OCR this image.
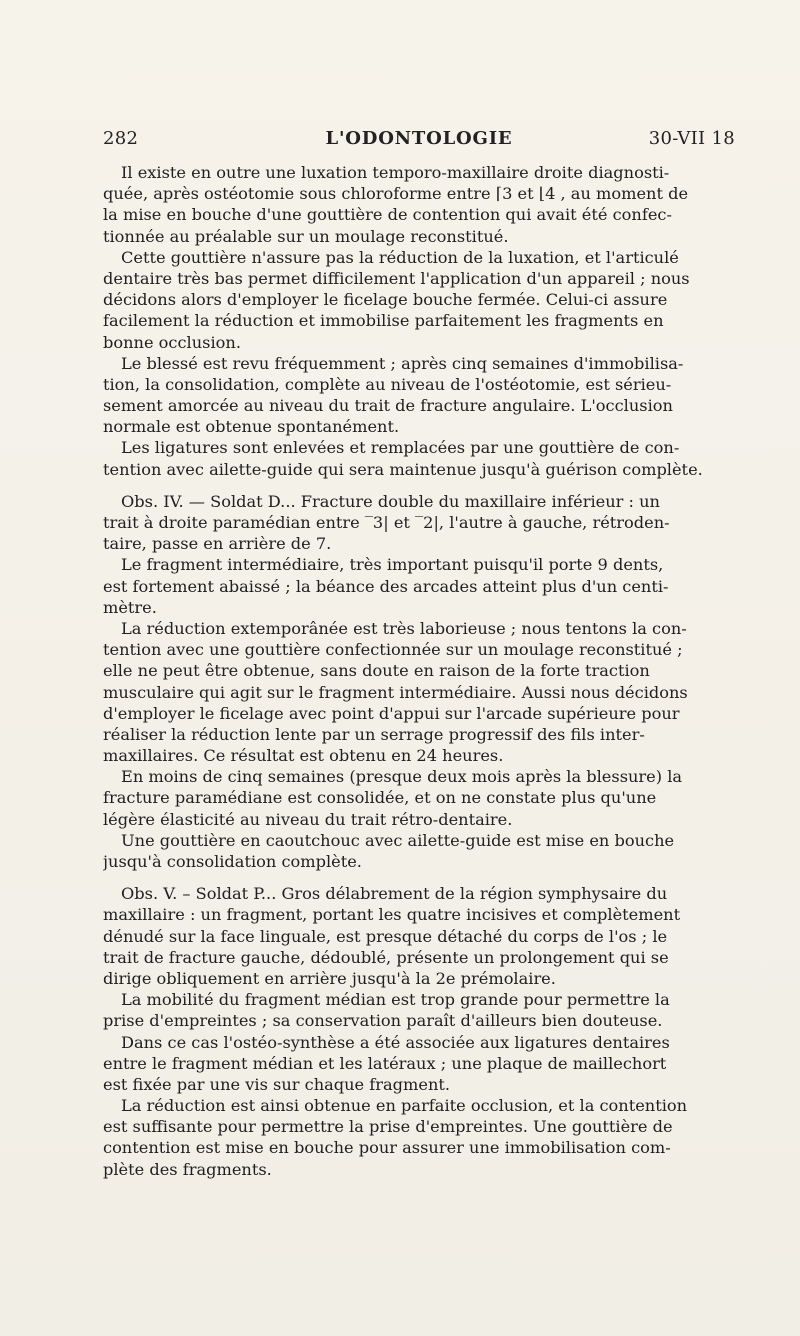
282	L'ODONTOLOGIE	30-VII 18
Il existe en outre une luxation temporo-maxillaire droite diagnosti-
quée, après ostéotomie sous chloroforme entre ⌈3 et ⌊4 , au moment de
la mise en bouche d'une gouttière de contention qui avait été confec-
tionnée au préalable sur un moulage reconstitué.
Cette gouttière n'assure pas la réduction de la luxation, et l'articulé
dentaire très bas permet difficilement l'application d'un appareil ; nous
décidons alors d'employer le ficelage bouche fermée. Celui-ci assure
facilement la réduction et immobilise parfaitement les fragments en
bonne occlusion.
Le blessé est revu fréquemment ; après cinq semaines d'immobilisa-
tion, la consolidation, complète au niveau de l'ostéotomie, est sérieu-
sement amorcée au niveau du trait de fracture angulaire. L'occlusion
normale est obtenue spontanément.
Les ligatures sont enlevées et remplacées par une gouttière de con-
tention avec ailette-guide qui sera maintenue jusqu'à guérison complète.
Obs. IV. — Soldat D... Fracture double du maxillaire inférieur : un
trait à droite paramédian entre ‾3| et ‾2|, l'autre à gauche, rétroden-
taire, passe en arrière de 7.
Le fragment intermédiaire, très important puisqu'il porte 9 dents,
est fortement abaissé ; la béance des arcades atteint plus d'un centi-
mètre.
La réduction extemporânée est très laborieuse ; nous tentons la con-
tention avec une gouttière confectionnée sur un moulage reconstitué ;
elle ne peut être obtenue, sans doute en raison de la forte traction
musculaire qui agit sur le fragment intermédiaire. Aussi nous décidons
d'employer le ficelage avec point d'appui sur l'arcade supérieure pour
réaliser la réduction lente par un serrage progressif des fils inter-
maxillaires. Ce résultat est obtenu en 24 heures.
En moins de cinq semaines (presque deux mois après la blessure) la
fracture paramédiane est consolidée, et on ne constate plus qu'une
légère élasticité au niveau du trait rétro-dentaire.
Une gouttière en caoutchouc avec ailette-guide est mise en bouche
jusqu'à consolidation complète.
Obs. V. – Soldat P... Gros délabrement de la région symphysaire du
maxillaire : un fragment, portant les quatre incisives et complètement
dénudé sur la face linguale, est presque détaché du corps de l'os ; le
trait de fracture gauche, dédoublé, présente un prolongement qui se
dirige obliquement en arrière jusqu'à la 2e prémolaire.
La mobilité du fragment médian est trop grande pour permettre la
prise d'empreintes ; sa conservation paraît d'ailleurs bien douteuse.
Dans ce cas l'ostéo-synthèse a été associée aux ligatures dentaires
entre le fragment médian et les latéraux ; une plaque de maillechort
est fixée par une vis sur chaque fragment.
La réduction est ainsi obtenue en parfaite occlusion, et la contention
est suffisante pour permettre la prise d'empreintes. Une gouttière de
contention est mise en bouche pour assurer une immobilisation com-
plète des fragments.
